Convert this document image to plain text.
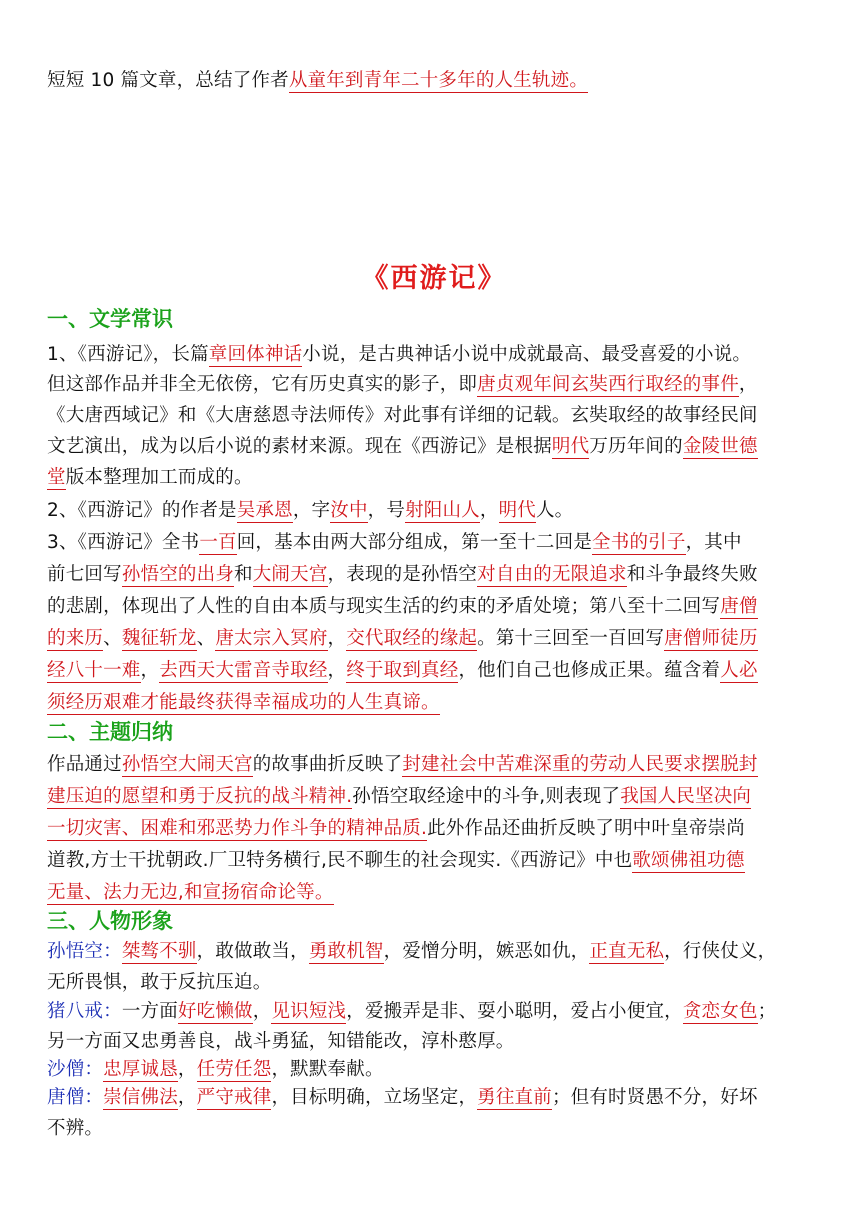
短短 10 篇文章，总结了作者从童年到青年二十多年的人生轨迹。
《西游记》
一、文学常识
1、《西游记》，长篇章回体神话小说，是古典神话小说中成就最高、最受喜爱的小说。
但这部作品并非全无依傍，它有历史真实的影子，即唐贞观年间玄奘西行取经的事件，
《大唐西域记》和《大唐慈恩寺法师传》对此事有详细的记载。玄奘取经的故事经民间
文艺演出，成为以后小说的素材来源。现在《西游记》是根据明代万历年间的金陵世德
堂版本整理加工而成的。
2、《西游记》的作者是吴承恩，字汝中，号射阳山人，明代人。
3、《西游记》全书一百回，基本由两大部分组成，第一至十二回是全书的引子，其中
前七回写孙悟空的出身和大闹天宫，表现的是孙悟空对自由的无限追求和斗争最终失败
的悲剧，体现出了人性的自由本质与现实生活的约束的矛盾处境；第八至十二回写唐僧
的来历、魏征斩龙、唐太宗入冥府，交代取经的缘起。第十三回至一百回写唐僧师徒历
经八十一难，去西天大雷音寺取经，终于取到真经，他们自己也修成正果。蕴含着人必
须经历艰难才能最终获得幸福成功的人生真谛。
二、主题归纳
作品通过孙悟空大闹天宫的故事曲折反映了封建社会中苦难深重的劳动人民要求摆脱封
建压迫的愿望和勇于反抗的战斗精神.孙悟空取经途中的斗争,则表现了我国人民坚决向
一切灾害、困难和邪恶势力作斗争的精神品质.此外作品还曲折反映了明中叶皇帝崇尚
道教,方士干扰朝政.厂卫特务横行,民不聊生的社会现实.《西游记》中也歌颂佛祖功德
无量、法力无边,和宣扬宿命论等。
三、人物形象
孙悟空：桀骜不驯，敢做敢当，勇敢机智，爱憎分明，嫉恶如仇，正直无私，行侠仗义，
无所畏惧，敢于反抗压迫。
猪八戒：一方面好吃懒做，见识短浅，爱搬弄是非、耍小聪明，爱占小便宜，贪恋女色；
另一方面又忠勇善良，战斗勇猛，知错能改，淳朴憨厚。
沙僧：忠厚诚恳，任劳任怨，默默奉献。
唐僧：崇信佛法，严守戒律，目标明确，立场坚定，勇往直前；但有时贤愚不分，好坏
不辨。
